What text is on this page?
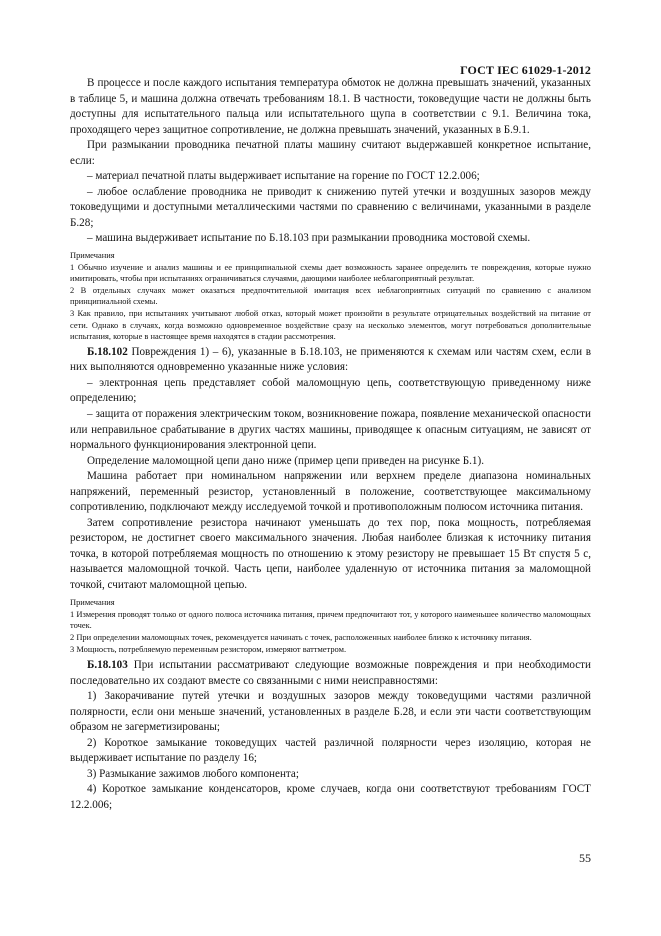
ГОСТ IEC 61029-1-2012

В процессе и после каждого испытания температура обмоток не должна превышать значений, указанных в таблице 5, и машина должна отвечать требованиям 18.1. В частности, токоведущие части не должны быть доступны для испытательного пальца или испытательного щупа в соответствии с 9.1. Величина тока, проходящего через защитное сопротивление, не должна превышать значений, указанных в Б.9.1.

При размыкании проводника печатной платы машину считают выдержавшей конкретное испытание, если:

– материал печатной платы выдерживает испытание на горение по ГОСТ 12.2.006;

– любое ослабление проводника не приводит к снижению путей утечки и воздушных зазоров между токоведущими и доступными металлическими частями по сравнению с величинами, указанными в разделе Б.28;

– машина выдерживает испытание по Б.18.103 при размыкании проводника мостовой схемы.

Примечания

1 Обычно изучение и анализ машины и ее принципиальной схемы дает возможность заранее определить те повреждения, которые нужно имитировать, чтобы при испытаниях ограничиваться случаями, дающими наиболее неблагоприятный результат.

2 В отдельных случаях может оказаться предпочтительной имитация всех неблагоприятных ситуаций по сравнению с анализом принципиальной схемы.

3 Как правило, при испытаниях учитывают любой отказ, который может произойти в результате отрицательных воздействий на питание от сети. Однако в случаях, когда возможно одновременное воздействие сразу на несколько элементов, могут потребоваться дополнительные испытания, которые в настоящее время находятся в стадии рассмотрения.

Б.18.102 Повреждения 1) – 6), указанные в Б.18.103, не применяются к схемам или частям схем, если в них выполняются одновременно указанные ниже условия:

– электронная цепь представляет собой маломощную цепь, соответствующую приведенному ниже определению;

– защита от поражения электрическим током, возникновение пожара, появление механической опасности или неправильное срабатывание в других частях машины, приводящее к опасным ситуациям, не зависят от нормального функционирования электронной цепи.

Определение маломощной цепи дано ниже (пример цепи приведен на рисунке Б.1).

Машина работает при номинальном напряжении или верхнем пределе диапазона номинальных напряжений, переменный резистор, установленный в положение, соответствующее максимальному сопротивлению, подключают между исследуемой точкой и противоположным полюсом источника питания.

Затем сопротивление резистора начинают уменьшать до тех пор, пока мощность, потребляемая резистором, не достигнет своего максимального значения. Любая наиболее близкая к источнику питания точка, в которой потребляемая мощность по отношению к этому резистору не превышает 15 Вт спустя 5 с, называется маломощной точкой. Часть цепи, наиболее удаленную от источника питания за маломощной точкой, считают маломощной цепью.

Примечания

1 Измерения проводят только от одного полюса источника питания, причем предпочитают тот, у которого наименьшее количество маломощных точек.

2 При определении маломощных точек, рекомендуется начинать с точек, расположенных наиболее близко к источнику питания.

3 Мощность, потребляемую переменным резистором, измеряют ваттметром.

Б.18.103 При испытании рассматривают следующие возможные повреждения и при необходимости последовательно их создают вместе со связанными с ними неисправностями:

1) Закорачивание путей утечки и воздушных зазоров между токоведущими частями различной полярности, если они меньше значений, установленных в разделе Б.28, и если эти части соответствующим образом не загерметизированы;

2) Короткое замыкание токоведущих частей различной полярности через изоляцию, которая не выдерживает испытание по разделу 16;

3) Размыкание зажимов любого компонента;

4) Короткое замыкание конденсаторов, кроме случаев, когда они соответствуют требованиям ГОСТ 12.2.006;

55
